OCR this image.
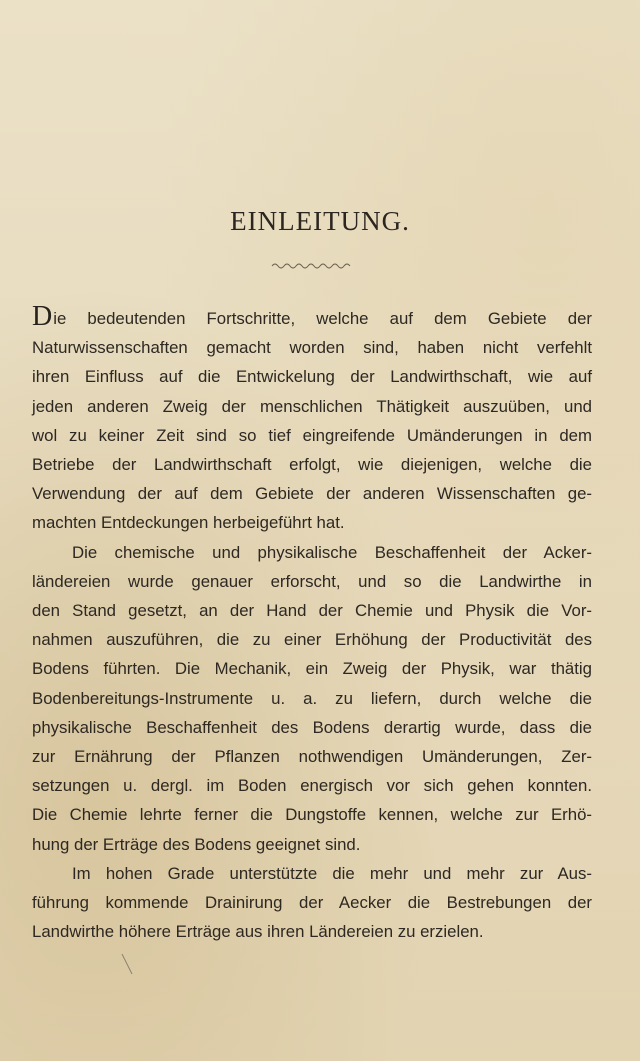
EINLEITUNG.
Die bedeutenden Fortschritte, welche auf dem Gebiete der
Naturwissenschaften gemacht worden sind, haben nicht verfehlt
ihren Einfluss auf die Entwickelung der Landwirthschaft, wie auf
jeden anderen Zweig der menschlichen Thätigkeit auszuüben, und
wol zu keiner Zeit sind so tief eingreifende Umänderungen in dem
Betriebe der Landwirthschaft erfolgt, wie diejenigen, welche die
Verwendung der auf dem Gebiete der anderen Wissenschaften ge-
machten Entdeckungen herbeigeführt hat.
Die chemische und physikalische Beschaffenheit der Acker-
ländereien wurde genauer erforscht, und so die Landwirthe in
den Stand gesetzt, an der Hand der Chemie und Physik die Vor-
nahmen auszuführen, die zu einer Erhöhung der Productivität des
Bodens führten. Die Mechanik, ein Zweig der Physik, war thätig
Bodenbereitungs-Instrumente u. a. zu liefern, durch welche die
physikalische Beschaffenheit des Bodens derartig wurde, dass die
zur Ernährung der Pflanzen nothwendigen Umänderungen, Zer-
setzungen u. dergl. im Boden energisch vor sich gehen konnten.
Die Chemie lehrte ferner die Dungstoffe kennen, welche zur Erhö-
hung der Erträge des Bodens geeignet sind.
Im hohen Grade unterstützte die mehr und mehr zur Aus-
führung kommende Drainirung der Aecker die Bestrebungen der
Landwirthe höhere Erträge aus ihren Ländereien zu erzielen.
